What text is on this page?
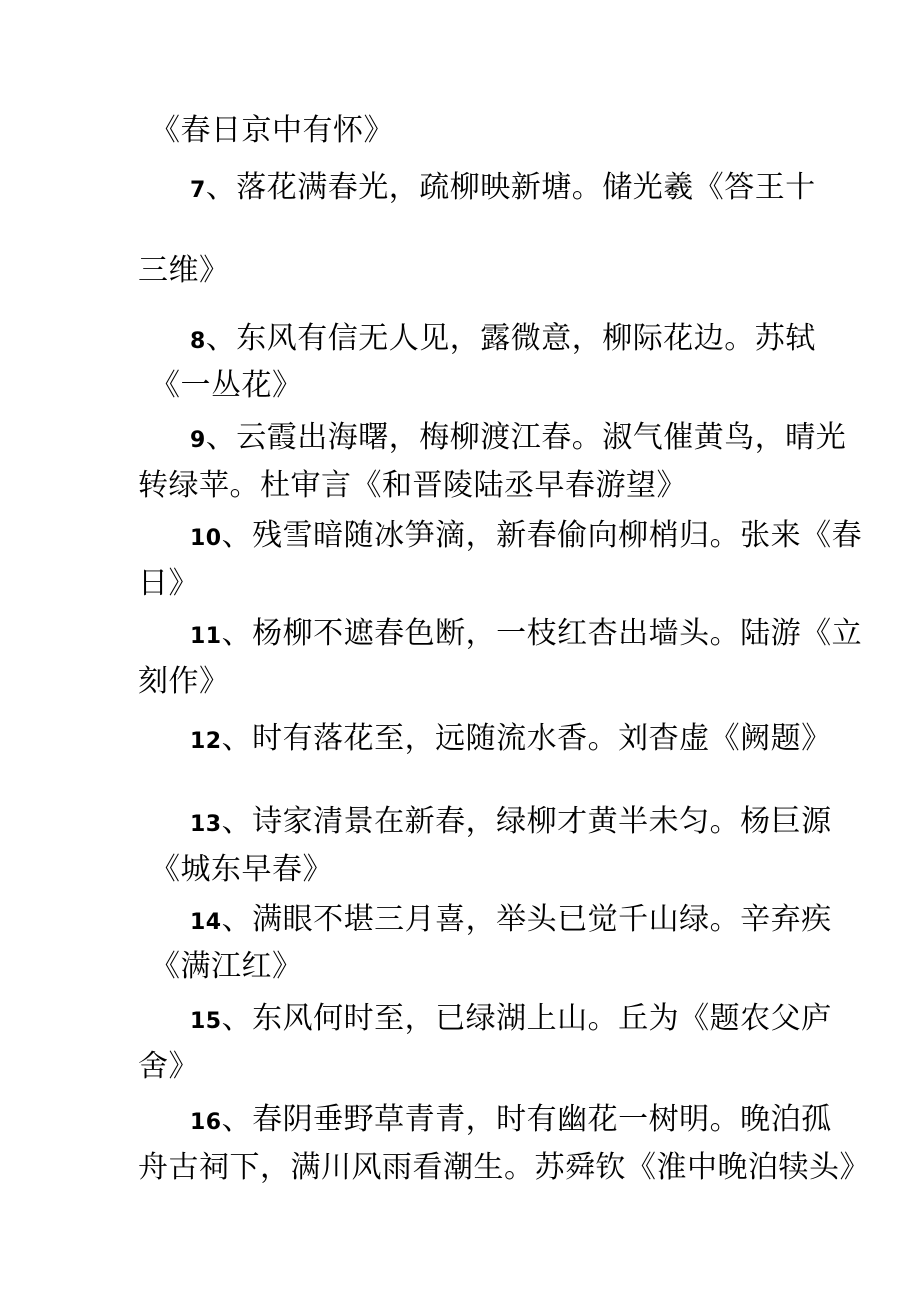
《春日京中有怀》
7、落花满春光，疏柳映新塘。储光羲《答王十
三维》
8、东风有信无人见，露微意，柳际花边。苏轼
《一丛花》
9、云霞出海曙，梅柳渡江春。淑气催黄鸟，晴光
转绿苹。杜审言《和晋陵陆丞早春游望》
10、残雪暗随冰笋滴，新春偷向柳梢归。张来《春
日》
11、杨柳不遮春色断，一枝红杏出墙头。陆游《立
刻作》
12、时有落花至，远随流水香。刘杳虚《阙题》
13、诗家清景在新春，绿柳才黄半未匀。杨巨源
《城东早春》
14、满眼不堪三月喜，举头已觉千山绿。辛弃疾
《满江红》
15、东风何时至，已绿湖上山。丘为《题农父庐
舍》
16、春阴垂野草青青，时有幽花一树明。晚泊孤
舟古祠下，满川风雨看潮生。苏舜钦《淮中晚泊犊头》
